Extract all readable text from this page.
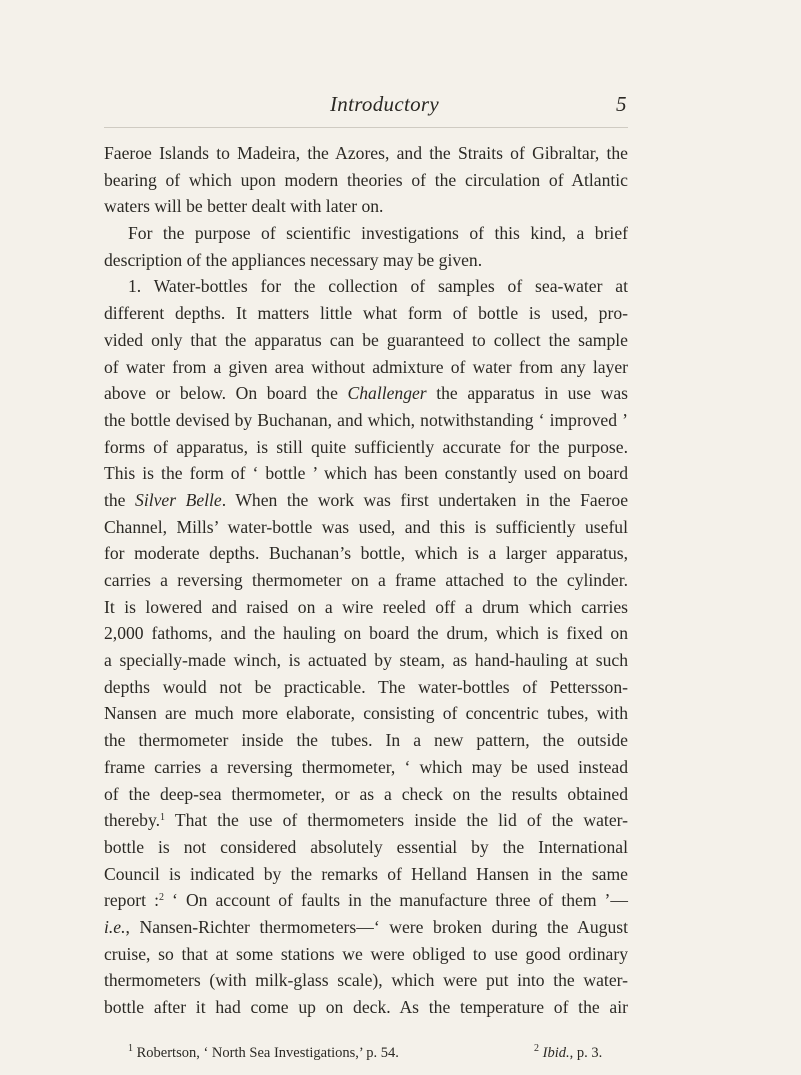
Introductory	5
Faeroe Islands to Madeira, the Azores, and the Straits of Gibraltar, the
bearing of which upon modern theories of the circulation of Atlantic
waters will be better dealt with later on.
For the purpose of scientific investigations of this kind, a brief
description of the appliances necessary may be given.
1. Water-bottles for the collection of samples of sea-water at
different depths. It matters little what form of bottle is used, pro-
vided only that the apparatus can be guaranteed to collect the sample
of water from a given area without admixture of water from any layer
above or below. On board the Challenger the apparatus in use was
the bottle devised by Buchanan, and which, notwithstanding ‘ improved ’
forms of apparatus, is still quite sufficiently accurate for the purpose.
This is the form of ‘ bottle ’ which has been constantly used on board
the Silver Belle. When the work was first undertaken in the Faeroe
Channel, Mills’ water-bottle was used, and this is sufficiently useful
for moderate depths. Buchanan’s bottle, which is a larger apparatus,
carries a reversing thermometer on a frame attached to the cylinder.
It is lowered and raised on a wire reeled off a drum which carries
2,000 fathoms, and the hauling on board the drum, which is fixed on
a specially-made winch, is actuated by steam, as hand-hauling at such
depths would not be practicable. The water-bottles of Pettersson-
Nansen are much more elaborate, consisting of concentric tubes, with
the thermometer inside the tubes. In a new pattern, the outside
frame carries a reversing thermometer, ‘ which may be used instead
of the deep-sea thermometer, or as a check on the results obtained
thereby.$^1$ That the use of thermometers inside the lid of the water-
bottle is not considered absolutely essential by the International
Council is indicated by the remarks of Helland Hansen in the same
report :$^2$ ‘ On account of faults in the manufacture three of them ’—
i.e., Nansen-Richter thermometers—‘ were broken during the August
cruise, so that at some stations we were obliged to use good ordinary
thermometers (with milk-glass scale), which were put into the water-
bottle after it had come up on deck. As the temperature of the air
$^1$ Robertson, ‘ North Sea Investigations,’ p. 54.	$^2$ Ibid., p. 3.
